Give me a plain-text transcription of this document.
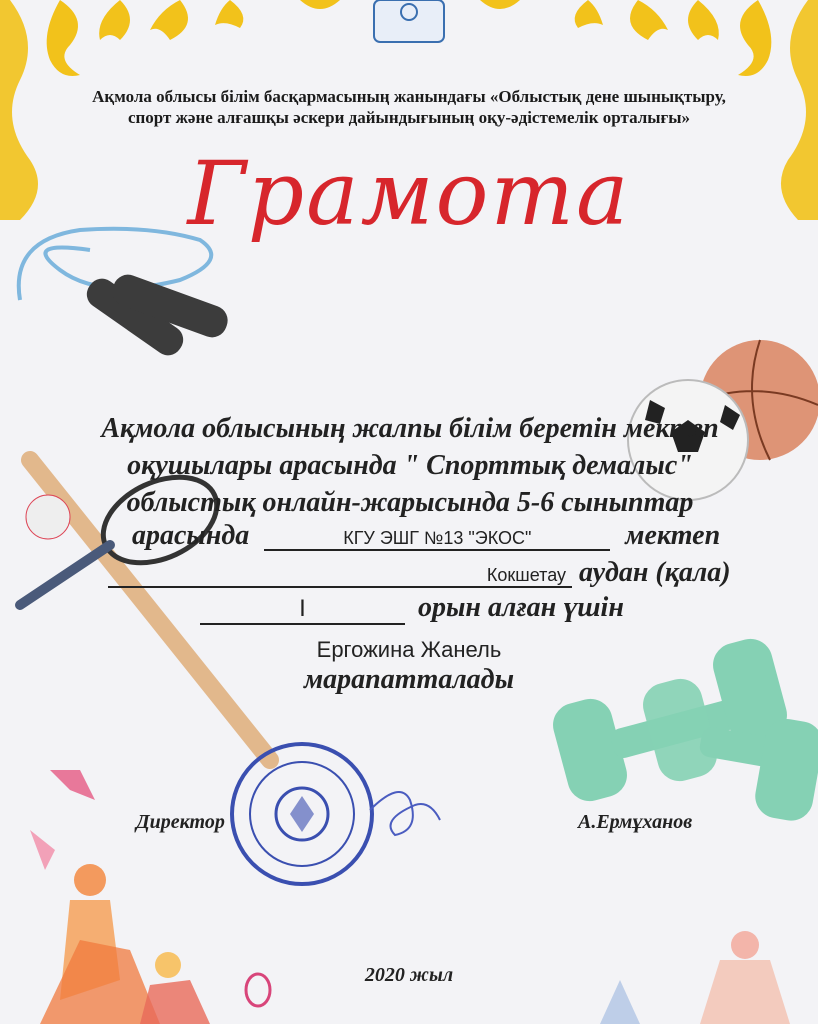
Ақмола облысы білім басқармасының жанындағы «Облыстық дене шынықтыру,
спорт және алғашқы әскери дайындығының оқу-әдістемелік орталығы»
Грамота
Ақмола облысының жалпы білім беретін мектеп
оқушылары арасында " Спорттық демалыс"
облыстық онлайн-жарысында 5-6 сыныптар
арасында	КГУ ЭШГ №13 "ЭКОС"	мектеп
Кокшетау аудан (қала)
I	орын алған үшін
Ергожина Жанель
марапатталады
Директор	А.Ермұханов
2020 жыл
